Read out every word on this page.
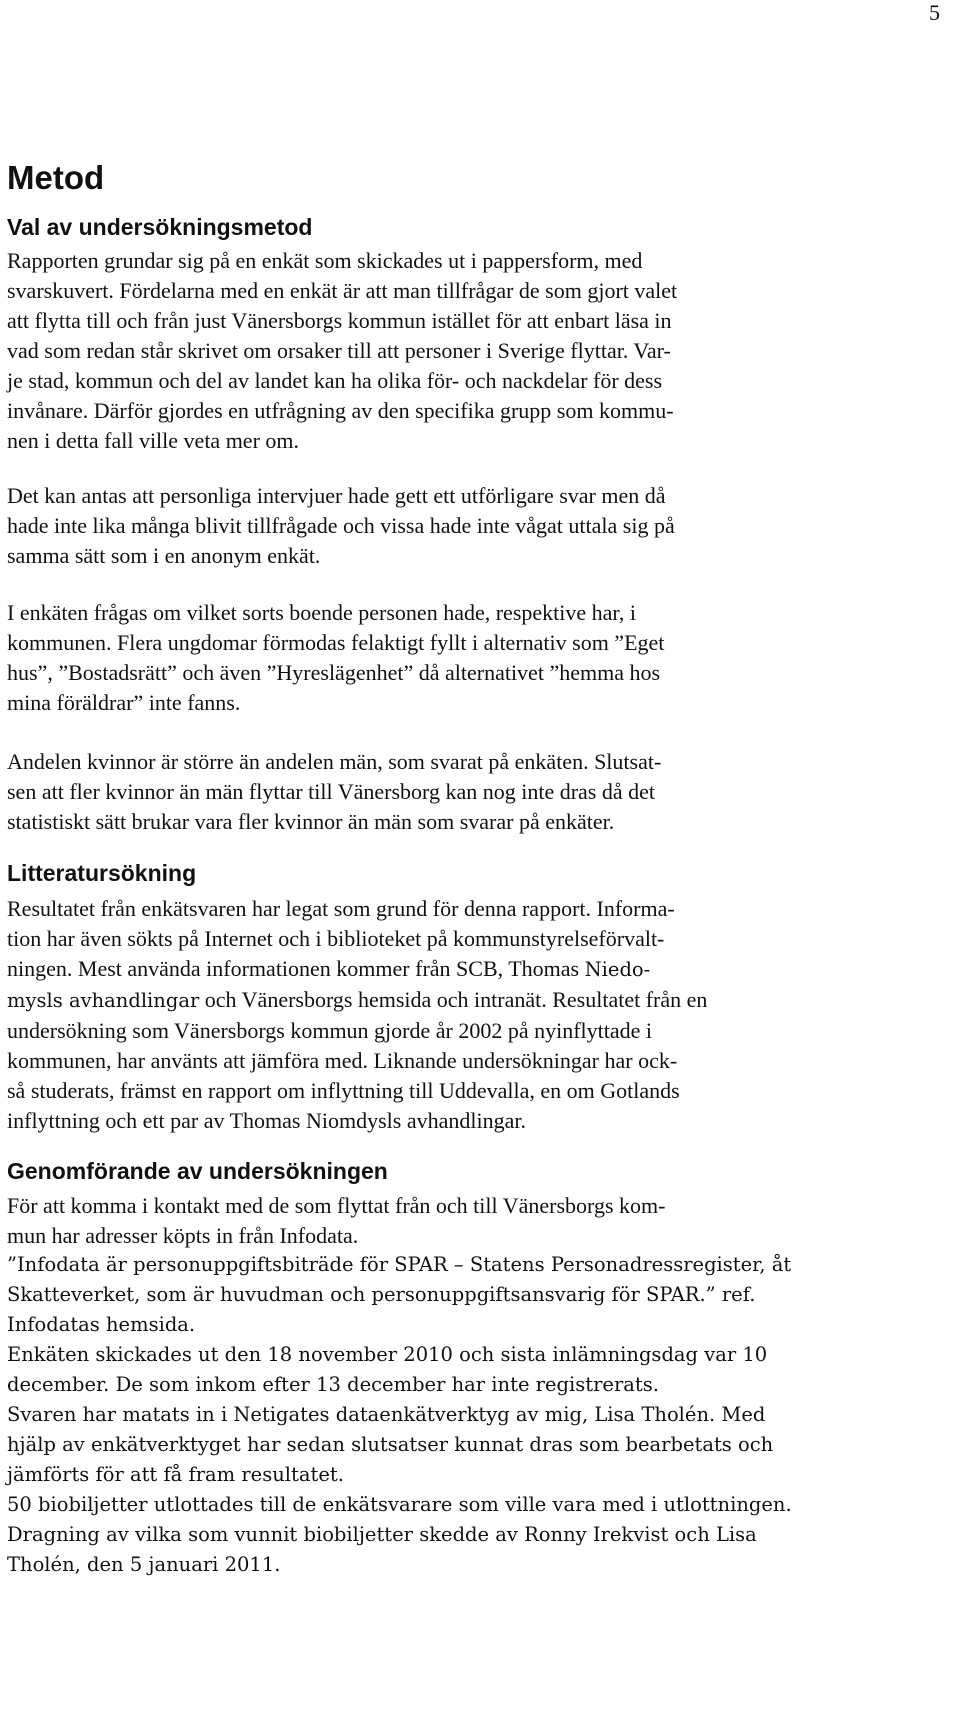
5
Metod
Val av undersökningsmetod
Rapporten grundar sig på en enkät som skickades ut i pappersform, med
svarskuvert. Fördelarna med en enkät är att man tillfrågar de som gjort valet
att flytta till och från just Vänersborgs kommun istället för att enbart läsa in
vad som redan står skrivet om orsaker till att personer i Sverige flyttar. Var-
je stad, kommun och del av landet kan ha olika för- och nackdelar för dess
invånare. Därför gjordes en utfrågning av den specifika grupp som kommu-
nen i detta fall ville veta mer om.
Det kan antas att personliga intervjuer hade gett ett utförligare svar men då
hade inte lika många blivit tillfrågade och vissa hade inte vågat uttala sig på
samma sätt som i en anonym enkät.
I enkäten frågas om vilket sorts boende personen hade, respektive har, i
kommunen. Flera ungdomar förmodas felaktigt fyllt i alternativ som ”Eget
hus”, ”Bostadsrätt” och även ”Hyreslägenhet” då alternativet ”hemma hos
mina föräldrar” inte fanns.
Andelen kvinnor är större än andelen män, som svarat på enkäten. Slutsat-
sen att fler kvinnor än män flyttar till Vänersborg kan nog inte dras då det
statistiskt sätt brukar vara fler kvinnor än män som svarar på enkäter.
Litteratursökning
Resultatet från enkätsvaren har legat som grund för denna rapport. Informa-
tion har även sökts på Internet och i biblioteket på kommunstyrelseförvalt-
ningen. Mest använda informationen kommer från SCB, Thomas Niedo-
mysls avhandlingar och Vänersborgs hemsida och intranät. Resultatet från en
undersökning som Vänersborgs kommun gjorde år 2002 på nyinflyttade i
kommunen, har använts att jämföra med. Liknande undersökningar har ock-
så studerats, främst en rapport om inflyttning till Uddevalla, en om Gotlands
inflyttning och ett par av Thomas Niomdysls avhandlingar.
Genomförande av undersökningen
För att komma i kontakt med de som flyttat från och till Vänersborgs kom-
mun har adresser köpts in från Infodata.
”Infodata är personuppgiftsbiträde för SPAR – Statens Personadressregister, åt
Skatteverket, som är huvudman och personuppgiftsansvarig för SPAR.” ref.
Infodatas hemsida.
Enkäten skickades ut den 18 november 2010 och sista inlämningsdag var 10
december. De som inkom efter 13 december har inte registrerats.
Svaren har matats in i Netigates dataenkätverktyg av mig, Lisa Tholén. Med
hjälp av enkätverktyget har sedan slutsatser kunnat dras som bearbetats och
jämförts för att få fram resultatet.
50 biobiljetter utlottades till de enkätsvarare som ville vara med i utlottningen.
Dragning av vilka som vunnit biobiljetter skedde av Ronny Irekvist och Lisa
Tholén, den 5 januari 2011.
